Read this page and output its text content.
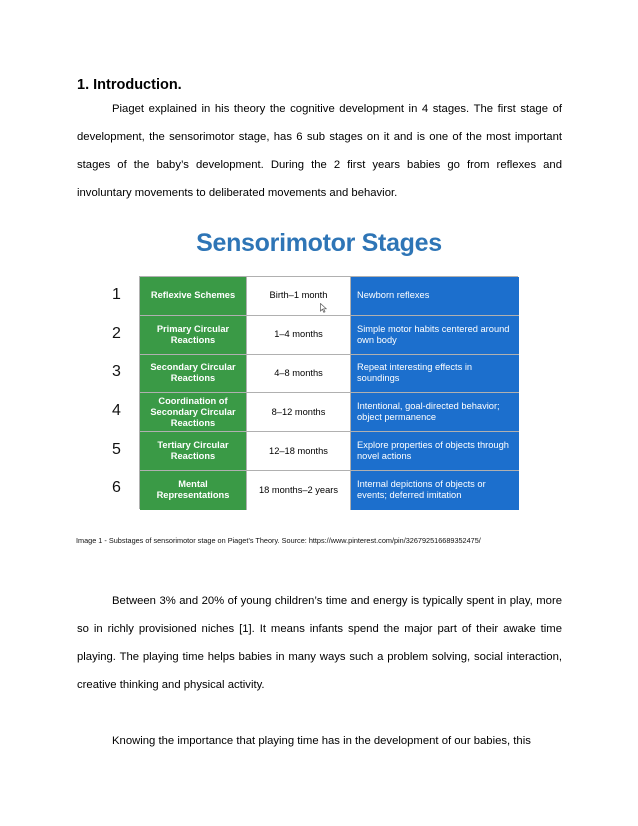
1. Introduction.

Piaget explained in his theory the cognitive development in 4 stages. The first stage of development, the sensorimotor stage, has 6 sub stages on it and is one of the most important stages of the baby’s development. During the 2 first years babies go from reflexes and involuntary movements to deliberated movements and behavior.

Sensorimotor Stages

1
2
3
4
5
6
Reflexive Schemes	Birth–1 month	Newborn reflexes
Primary Circular Reactions
1–4 months
Simple motor habits centered around own body
Secondary Circular Reactions
4–8 months
Repeat interesting effects in soundings
Coordination of Secondary Circular Reactions
8–12 months
Intentional, goal-directed behavior; object permanence
Tertiary Circular Reactions
12–18 months
Explore properties of objects through novel actions
Mental Representations
18 months–2 years
Internal depictions of objects or events; deferred imitation

Image 1 - Substages of sensorimotor stage on Piaget’s Theory. Source: https://www.pinterest.com/pin/326792516689352475/

Between 3% and 20% of young children’s time and energy is typically spent in play, more so in richly provisioned niches [1]. It means infants spend the major part of their awake time playing. The playing time helps babies in many ways such a problem solving, social interaction, creative thinking and physical activity.

Knowing the importance that playing time has in the development of our babies, this
